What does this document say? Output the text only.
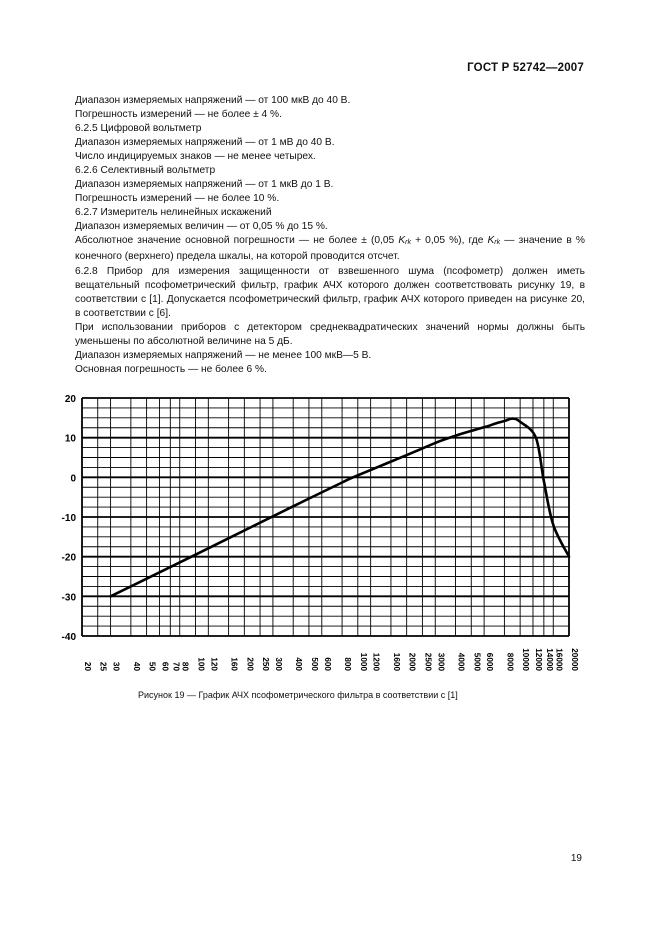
ГОСТ Р 52742—2007

Диапазон измеряемых напряжений — от 100 мкВ до 40 В.

Погрешность измерений — не более ± 4 %.

6.2.5 Цифровой вольтметр

Диапазон измеряемых напряжений — от 1 мВ до 40 В.

Число индицируемых знаков — не менее четырех.

6.2.6 Селективный вольтметр

Диапазон измеряемых напряжений — от 1 мкВ до 1 В.

Погрешность измерений — не более 10 %.

6.2.7 Измеритель нелинейных искажений

Диапазон измеряемых величин — от 0,05 % до 15 %.

Абсолютное значение основной погрешности — не более ± (0,05 $K_{rk} + 0,05$ %), где $K_{rk}$ — значение в % конечного (верхнего) предела шкалы, на которой проводится отсчет.

6.2.8 Прибор для измерения защищенности от взвешенного шума (псофометр) должен иметь вещательный псофометрический фильтр, график АЧХ которого должен соответствовать рисунку 19, в соответствии с [1]. Допускается псофометрический фильтр, график АЧХ которого приведен на рисунке 20, в соответствии с [6].

При использовании приборов с детектором среднеквадратических значений нормы должны быть уменьшены по абсолютной величине на 5 дБ.

Диапазон измеряемых напряжений — не менее 100 мкВ—5 В.

Основная погрешность — не более 6 %.

20 25 30 40 50 60 70 80 100 120 160 200 250 300 400 500 600 800 1000 1200 1600 2000 2500 3000 4000 5000 6000 8000 10000 12000 14000 16000 20000
20
10
0
-10
-20
-30
-40
Рисунок 19 — График АЧХ псофометрического фильтра в соответствии с [1]
19
